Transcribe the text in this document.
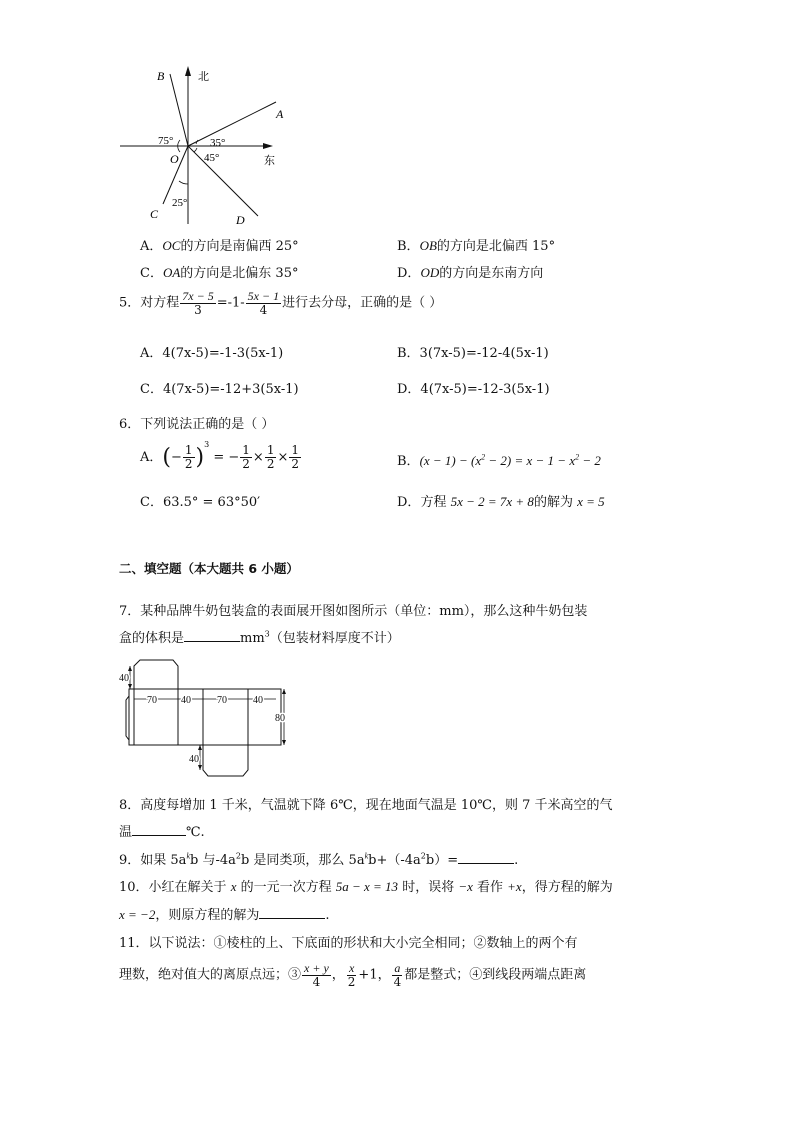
北
东
A
B
C	D
O
75°	35°
45°
25°
A．OC的方向是南偏西 25°	B．OB的方向是北偏西 15°
C．OA的方向是北偏东 35°	D．OD的方向是东南方向
5．对方程 $\frac{7x - 5}{3} =-1- \frac{5x - 1}{4}$ 进行去分母，正确的是（ ）
A．4(7x-5)=-1-3(5x-1)	B．3(7x-5)=-12-4(5x-1)
C．4(7x-5)=-12+3(5x-1)	D．4(7x-5)=-12-3(5x-1)
6．下列说法正确的是（ ）
A．(− $\frac{1}{2} )^3$ = − $\frac{1}{2} \times \frac{1}{2} \times \frac{1}{2}$	B．$(x - 1) - (x^2 - 2) = x - 1 - x^2 - 2$
C．63.5° = 63°50′	D．方程 5x − 2 = 7x + 8的解为 x = 5
二、填空题（本大题共 6 小题）
7．某种品牌牛奶包装盒的表面展开图如图所示（单位：mm），那么这种牛奶包装
盒的体积是	$mm^3$（包装材料厚度不计）
40
70 40	70	40
80
40
8．高度每增加 1 千米，气温就下降 6℃，现在地面气温是 10℃，则 7 千米高空的气
温	℃.
9．如果 $5a^kb$ 与$-4a^2b$ 是同类项，那么 $5a^kb+(-4a^2b)=$	.
10．小红在解关于 x 的一元一次方程 5a − x = 13 时，误将 −x 看作 +x，得方程的解为
x = −2，则原方程的解为	.
11．以下说法：①棱柱的上、下底面的形状和大小完全相同；②数轴上的两个有
理数，绝对值大的离原点远；③ $\frac{x + y}{4}$ ， $\frac{x}{2} +1$， $\frac{a}{4}$ 都是整式；④到线段两端点距离
